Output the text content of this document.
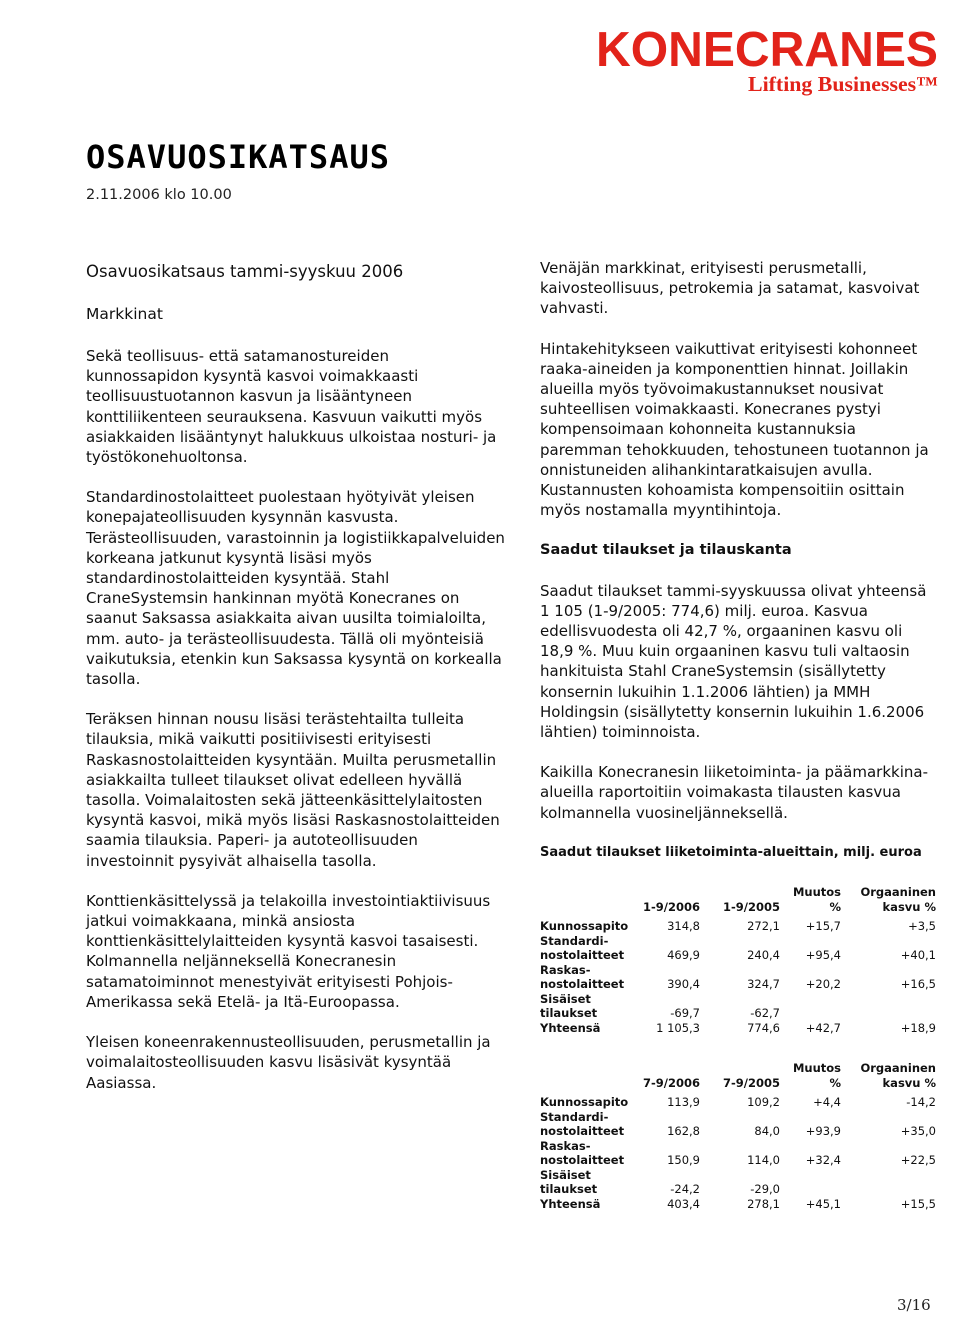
KONECRANES
Lifting Businesses™
OSAVUOSIKATSAUS
2.11.2006 klo 10.00
Osavuosikatsaus tammi-syyskuu 2006
Markkinat

Sekä teollisuus- että satamanostureiden kunnossapidon kysyntä kasvoi voimakkaasti teollisuustuotannon kasvun ja lisääntyneen konttiliikenteen seurauksena. Kasvuun vaikutti myös asiakkaiden lisääntynyt halukkuus ulkoistaa nosturi- ja työstökonehuoltonsa.

Standardinostolaitteet puolestaan hyötyivät yleisen konepajateollisuuden kysynnän kasvusta. Terästeollisuuden, varastoinnin ja logistiikkapalveluiden korkeana jatkunut kysyntä lisäsi myös standardinostolaitteiden kysyntää. Stahl CraneSystemsin hankinnan myötä Konecranes on saanut Saksassa asiakkaita aivan uusilta toimialoilta, mm. auto- ja terästeollisuudesta. Tällä oli myönteisiä vaikutuksia, etenkin kun Saksassa kysyntä on korkealla tasolla.

Teräksen hinnan nousu lisäsi terästehtailta tulleita tilauksia, mikä vaikutti positiivisesti erityisesti Raskasnostolaitteiden kysyntään. Muilta perusmetallin asiakkailta tulleet tilaukset olivat edelleen hyvällä tasolla. Voimalaitosten sekä jätteenkäsittelylaitosten kysyntä kasvoi, mikä myös lisäsi Raskasnostolaitteiden saamia tilauksia. Paperi- ja autoteollisuuden investoinnit pysyivät alhaisella tasolla.

Konttienkäsittelyssä ja telakoilla investointiaktiivisuus jatkui voimakkaana, minkä ansiosta konttienkäsittelylaitteiden kysyntä kasvoi tasaisesti. Kolmannella neljänneksellä Konecranesin satamatoiminnot menestyivät erityisesti Pohjois-Amerikassa sekä Etelä- ja Itä-Euroopassa.

Yleisen koneenrakennusteollisuuden, perusmetallin ja voimalaitosteollisuuden kasvu lisäsivät kysyntää Aasiassa.

Venäjän markkinat, erityisesti perusmetalli, kaivosteollisuus, petrokemia ja satamat, kasvoivat vahvasti.

Hintakehitykseen vaikuttivat erityisesti kohonneet raaka-aineiden ja komponenttien hinnat. Joillakin alueilla myös työvoimakustannukset nousivat suhteellisen voimakkaasti. Konecranes pystyi kompensoimaan kohonneita kustannuksia paremman tehokkuuden, tehostuneen tuotannon ja onnistuneiden alihankintaratkaisujen avulla. Kustannusten kohoamista kompensoitiin osittain myös nostamalla myyntihintoja.

Saadut tilaukset ja tilauskanta

Saadut tilaukset tammi-syyskuussa olivat yhteensä 1 105 (1-9/2005: 774,6) milj. euroa. Kasvua edellisvuodesta oli 42,7 %, orgaaninen kasvu oli 18,9 %. Muu kuin orgaaninen kasvu tuli valtaosin hankituista Stahl CraneSystemsin (sisällytetty konsernin lukuihin 1.1.2006 lähtien) ja MMH Holdingsin (sisällytetty konsernin lukuihin 1.6.2006 lähtien) toiminnoista.

Kaikilla Konecranesin liiketoiminta- ja päämarkkina-alueilla raportoitiin voimakasta tilausten kasvua kolmannella vuosineljänneksellä.

Saadut tilaukset liiketoiminta-alueittain, milj. euroa
	1-9/2006	1-9/2005	Muutos %	Orgaaninen kasvu %
Kunnossapito	314,8	272,1	+15,7	+3,5
Standardi- nostolaitteet	469,9	240,4	+95,4	+40,1
Raskas- nostolaitteet	390,4	324,7	+20,2	+16,5
Sisäiset tilaukset	-69,7	-62,7		
Yhteensä	1 105,3	774,6	+42,7	+18,9
	7-9/2006	7-9/2005	Muutos %	Orgaaninen kasvu %
Kunnossapito	113,9	109,2	+4,4	-14,2
Standardi- nostolaitteet	162,8	84,0	+93,9	+35,0
Raskas- nostolaitteet	150,9	114,0	+32,4	+22,5
Sisäiset tilaukset	-24,2	-29,0		
Yhteensä	403,4	278,1	+45,1	+15,5
3/16
